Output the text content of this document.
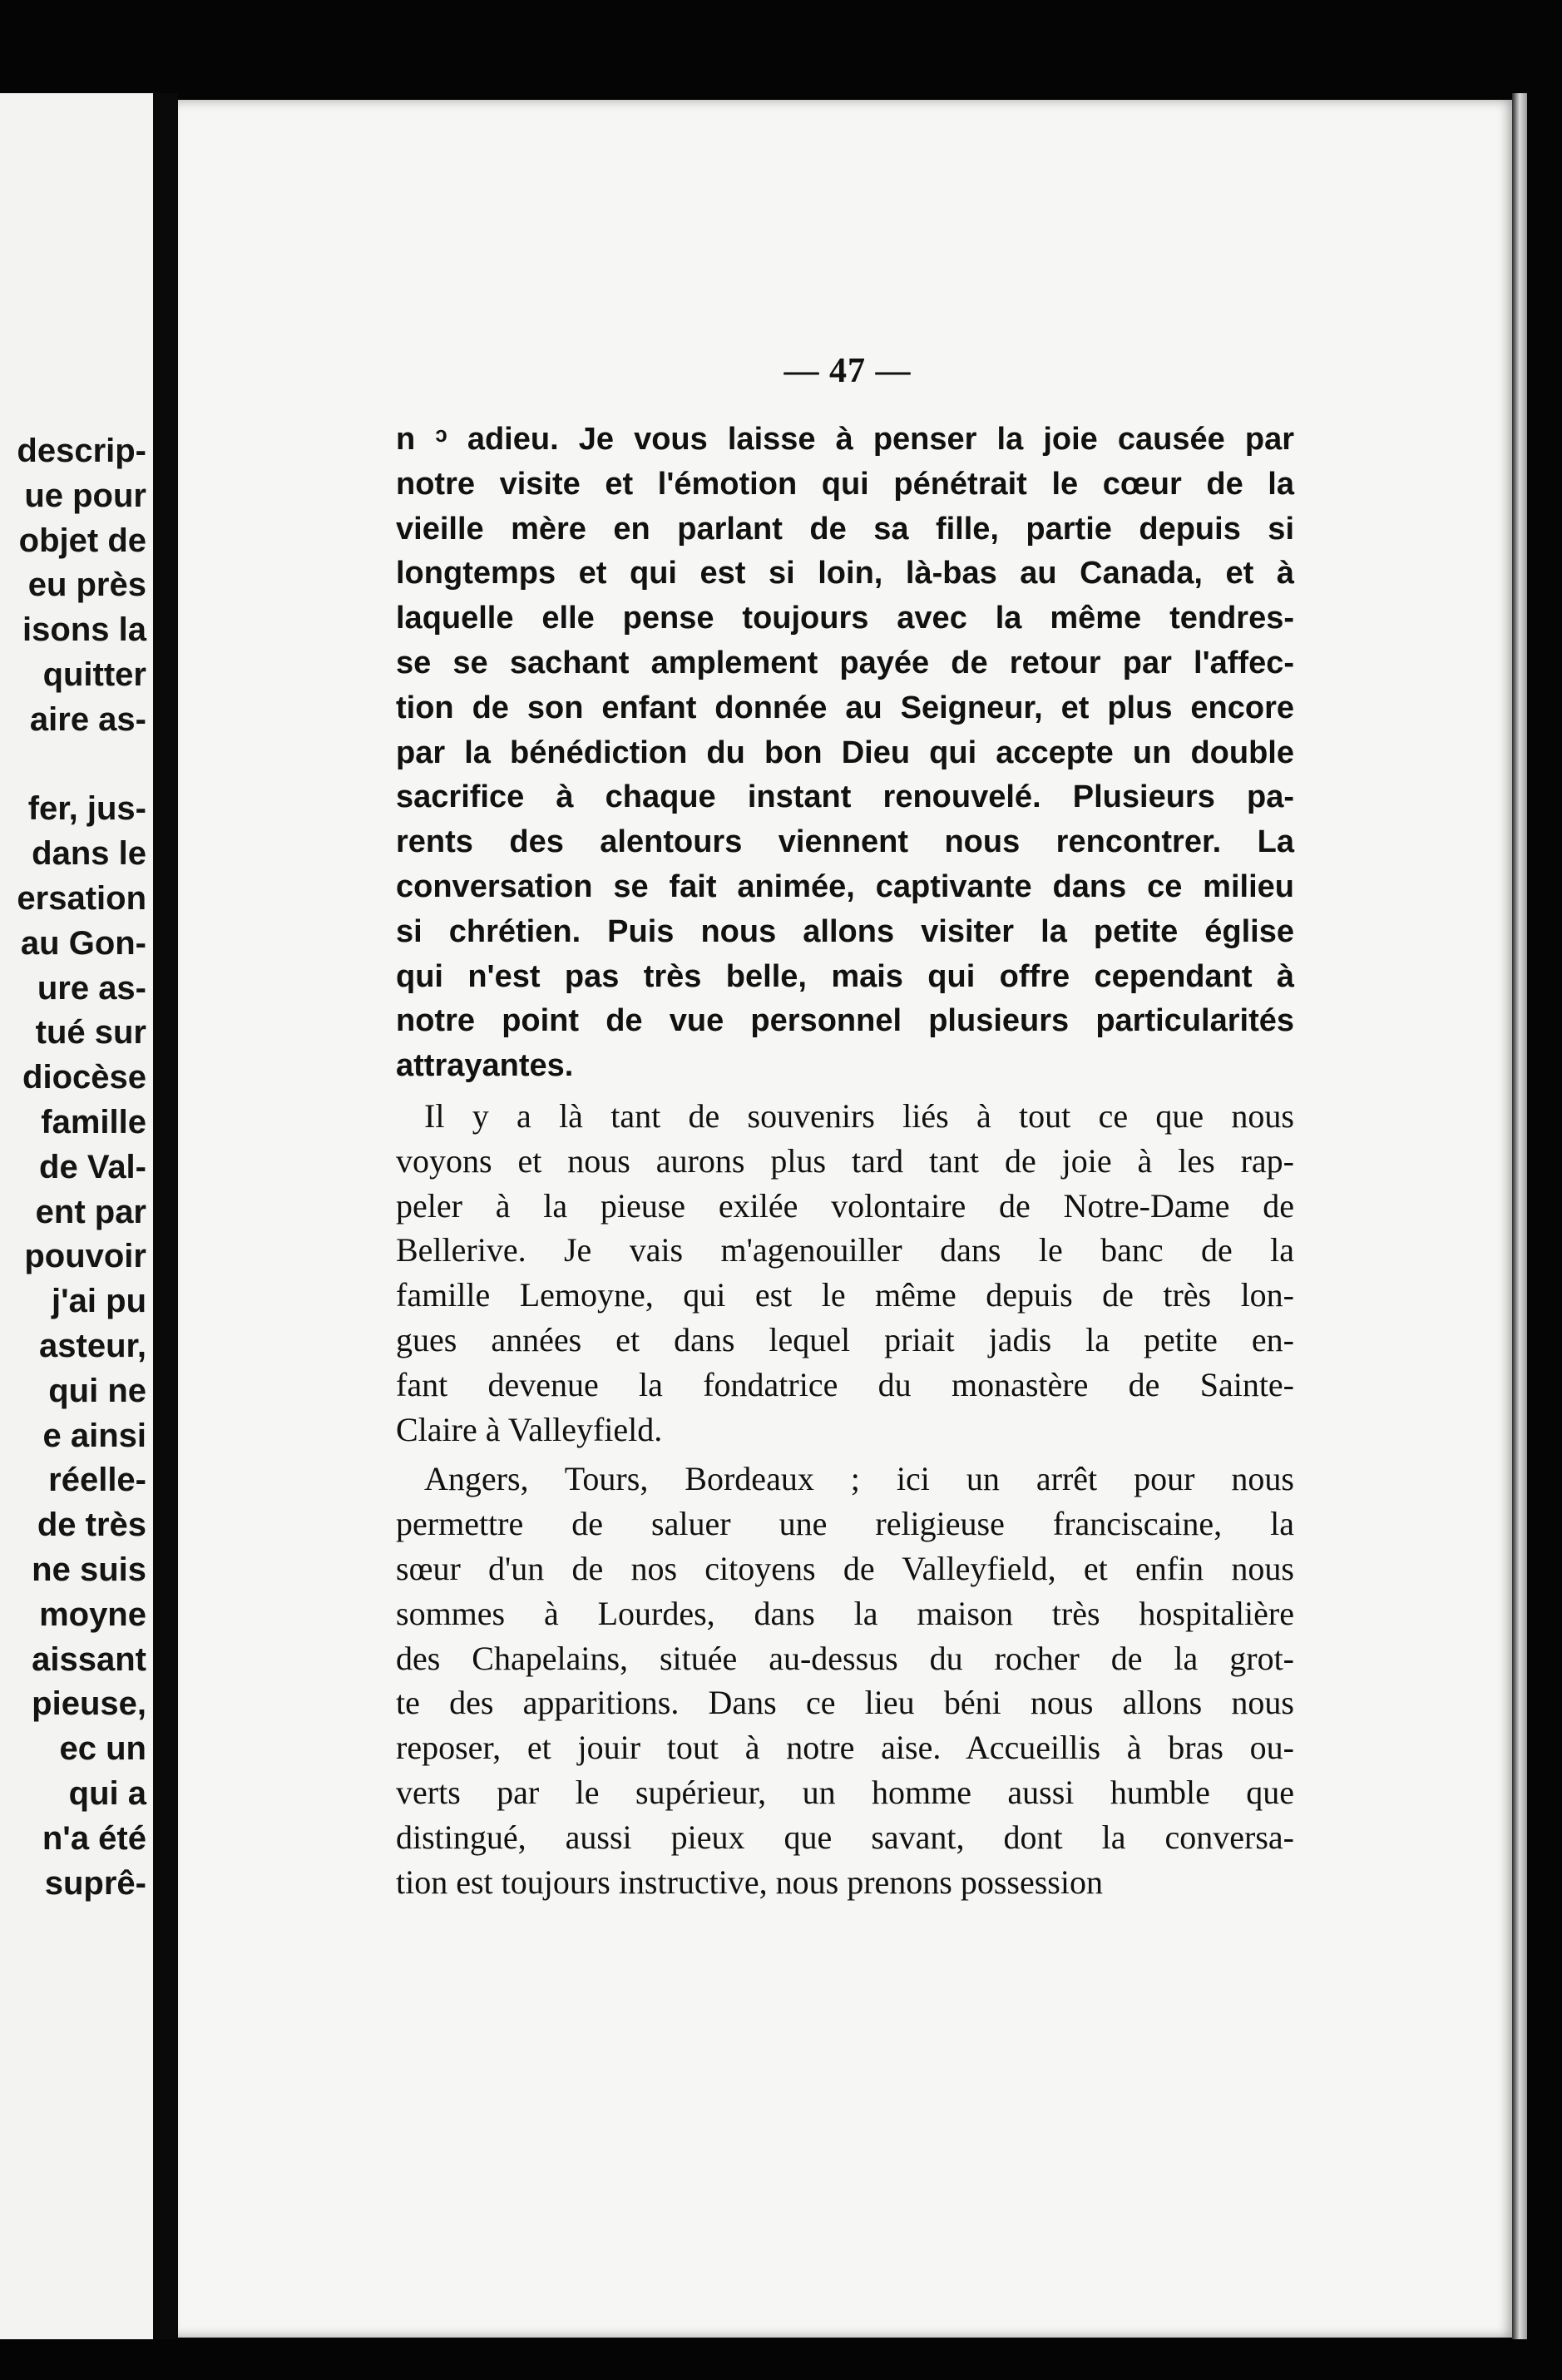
descrip-
ue pour
objet de
eu près
isons la
quitter
aire as-
fer, jus-
dans le
ersation
au Gon-
ure as-
tué sur
diocèse
famille
de Val-
ent par
pouvoir
j'ai pu
asteur,
qui ne
e ainsi
réelle-
de très
ne suis
moyne
aissant
pieuse,
ec un
qui a
n'a été
suprê-
— 47 —
n ᵓ adieu. Je vous laisse à penser la joie causée par
notre visite et l'émotion qui pénétrait le cœur de la
vieille mère en parlant de sa fille, partie depuis si
longtemps et qui est si loin, là-bas au Canada, et à
laquelle elle pense toujours avec la même tendres-
se se sachant amplement payée de retour par l'affec-
tion de son enfant donnée au Seigneur, et plus encore
par la bénédiction du bon Dieu qui accepte un double
sacrifice à chaque instant renouvelé. Plusieurs pa-
rents des alentours viennent nous rencontrer. La
conversation se fait animée, captivante dans ce milieu
si chrétien. Puis nous allons visiter la petite église
qui n'est pas très belle, mais qui offre cependant à
notre point de vue personnel plusieurs particularités
attrayantes.
Il y a là tant de souvenirs liés à tout ce que nous
voyons et nous aurons plus tard tant de joie à les rap-
peler à la pieuse exilée volontaire de Notre-Dame de
Bellerive. Je vais m'agenouiller dans le banc de la
famille Lemoyne, qui est le même depuis de très lon-
gues années et dans lequel priait jadis la petite en-
fant devenue la fondatrice du monastère de Sainte-
Claire à Valleyfield.
Angers, Tours, Bordeaux ; ici un arrêt pour nous
permettre de saluer une religieuse franciscaine, la
sœur d'un de nos citoyens de Valleyfield, et enfin nous
sommes à Lourdes, dans la maison très hospitalière
des Chapelains, située au-dessus du rocher de la grot-
te des apparitions. Dans ce lieu béni nous allons nous
reposer, et jouir tout à notre aise. Accueillis à bras ou-
verts par le supérieur, un homme aussi humble que
distingué, aussi pieux que savant, dont la conversa-
tion est toujours instructive, nous prenons possession
